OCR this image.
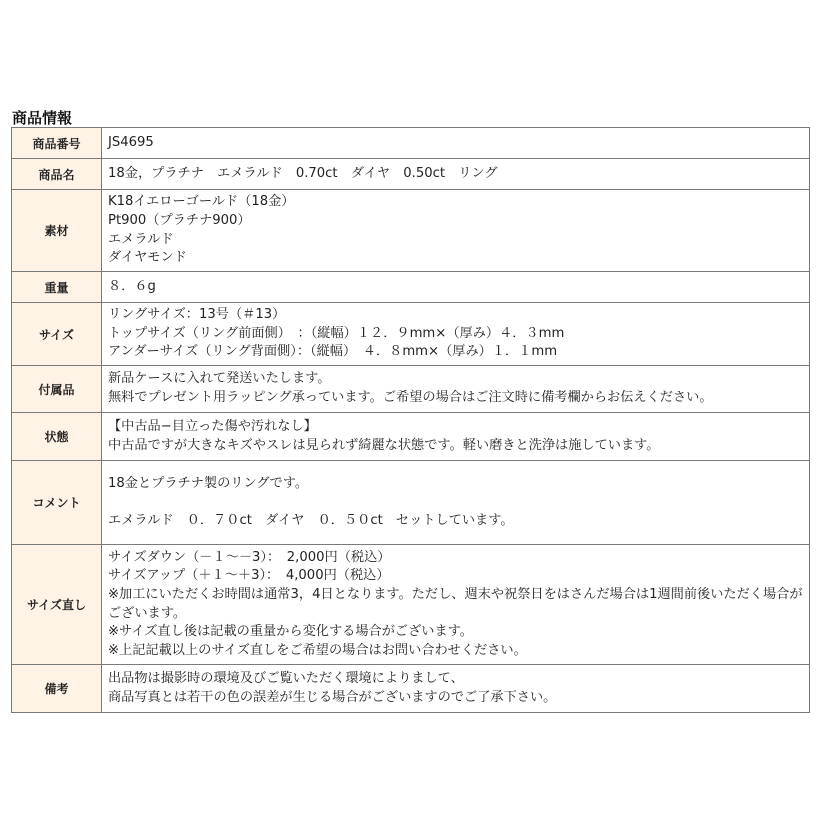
商品情報
商品番号	JS4695

商品名	18金，プラチナ　エメラルド　0.70ct　ダイヤ　0.50ct　リング

素材	K18イエローゴールド（18金）
Pt900（プラチナ900）
エメラルド
ダイヤモンド

重量	８．６g

サイズ	リングサイズ：13号（＃13）
トップサイズ（リング前面側）　：（縦幅）１２．９mm×（厚み）４．３mm
アンダーサイズ（リング背面側）：（縦幅）　４．８mm×（厚み）１．１mm

付属品	新品ケースに入れて発送いたします。
無料でプレゼント用ラッピング承っています。ご希望の場合はご注文時に備考欄からお伝えください。

状態	【中古品−目立った傷や汚れなし】
中古品ですが大きなキズやスレは見られず綺麗な状態です。軽い磨きと洗浄は施しています。

コメント	18金とプラチナ製のリングです。
エメラルド　０．７０ct　ダイヤ　０．５０ct　セットしています。

サイズ直し	サイズダウン（－１～－3）：　2,000円（税込）
サイズアップ（＋１～＋3）：　4,000円（税込）
※加工にいただくお時間は通常3，4日となります。ただし、週末や祝祭日をはさんだ場合は1週間前後いただく場合がございます。
※サイズ直し後は記載の重量から変化する場合がございます。
※上記記載以上のサイズ直しをご希望の場合はお問い合わせください。

備考	出品物は撮影時の環境及びご覧いただく環境によりまして、
商品写真とは若干の色の誤差が生じる場合がございますのでご了承下さい。
